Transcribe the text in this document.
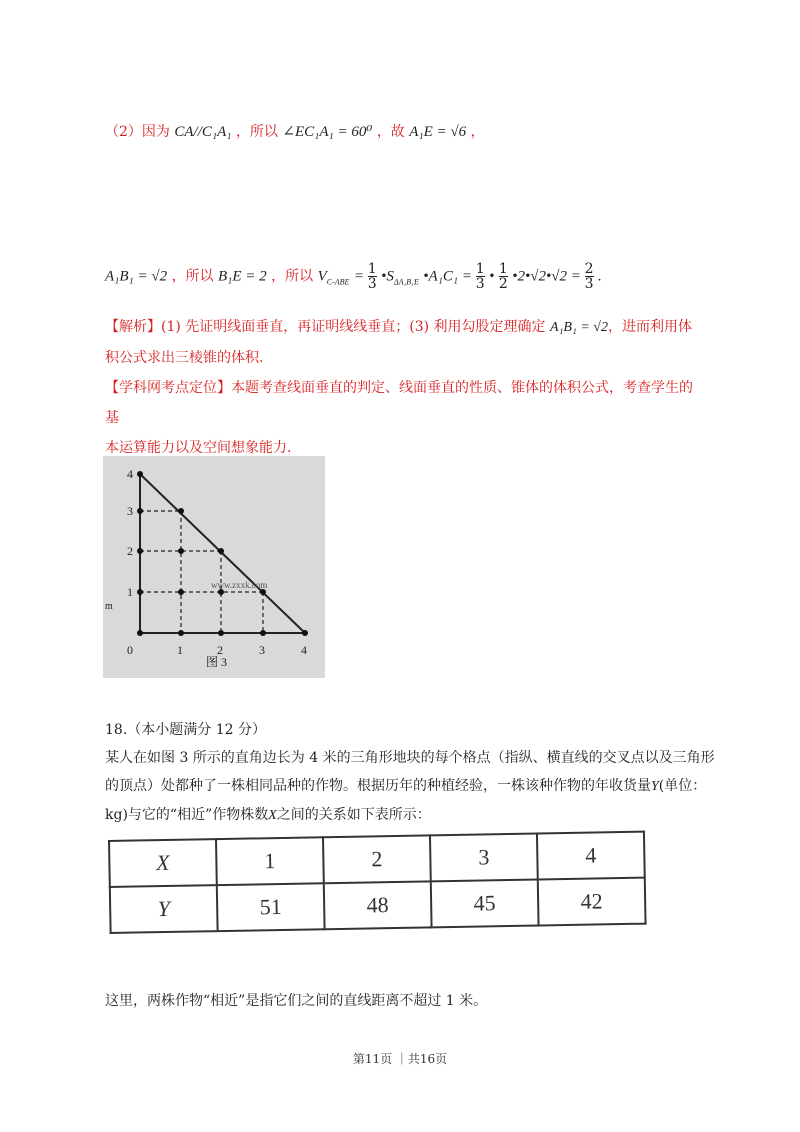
（2）因为 CA//C₁A₁ ，所以 ∠EC₁A₁ = 60⁰ ，故 A₁E = √6 ，
A₁B₁ = √2 ，所以 B₁E = 2 ，所以 $V_{C-ABE} = \frac{1}{3}$ $•S_{\Delta A_1B_1E}$ •A₁C₁ = $\frac{1}{3}$ • $\frac{1}{2}$ •2•√2•√2 = $\frac{2}{3}$ .
【解析】(1) 先证明线面垂直，再证明线线垂直；(3) 利用勾股定理确定 A₁B₁ = √2，进而利用体
积公式求出三棱锥的体积.
【学科网考点定位】本题考查线面垂直的判定、线面垂直的性质、锥体的体积公式，考查学生的基
本运算能力以及空间想象能力.
4
3
2
1
0	1	2	3	4
m
www.zxxk.com
图 3
18.（本小题满分 12 分）
某人在如图 3 所示的直角边长为 4 米的三角形地块的每个格点（指纵、横直线的交叉点以及三角形
的顶点）处都种了一株相同品种的作物。根据历年的种植经验，一株该种作物的年收货量Y(单位：
kg)与它的“相近”作物株数X之间的关系如下表所示：
X	1	2	3	4
Y	51	48	45	42
这里，两株作物“相近”是指它们之间的直线距离不超过 1 米。
第11页 ｜共16页
